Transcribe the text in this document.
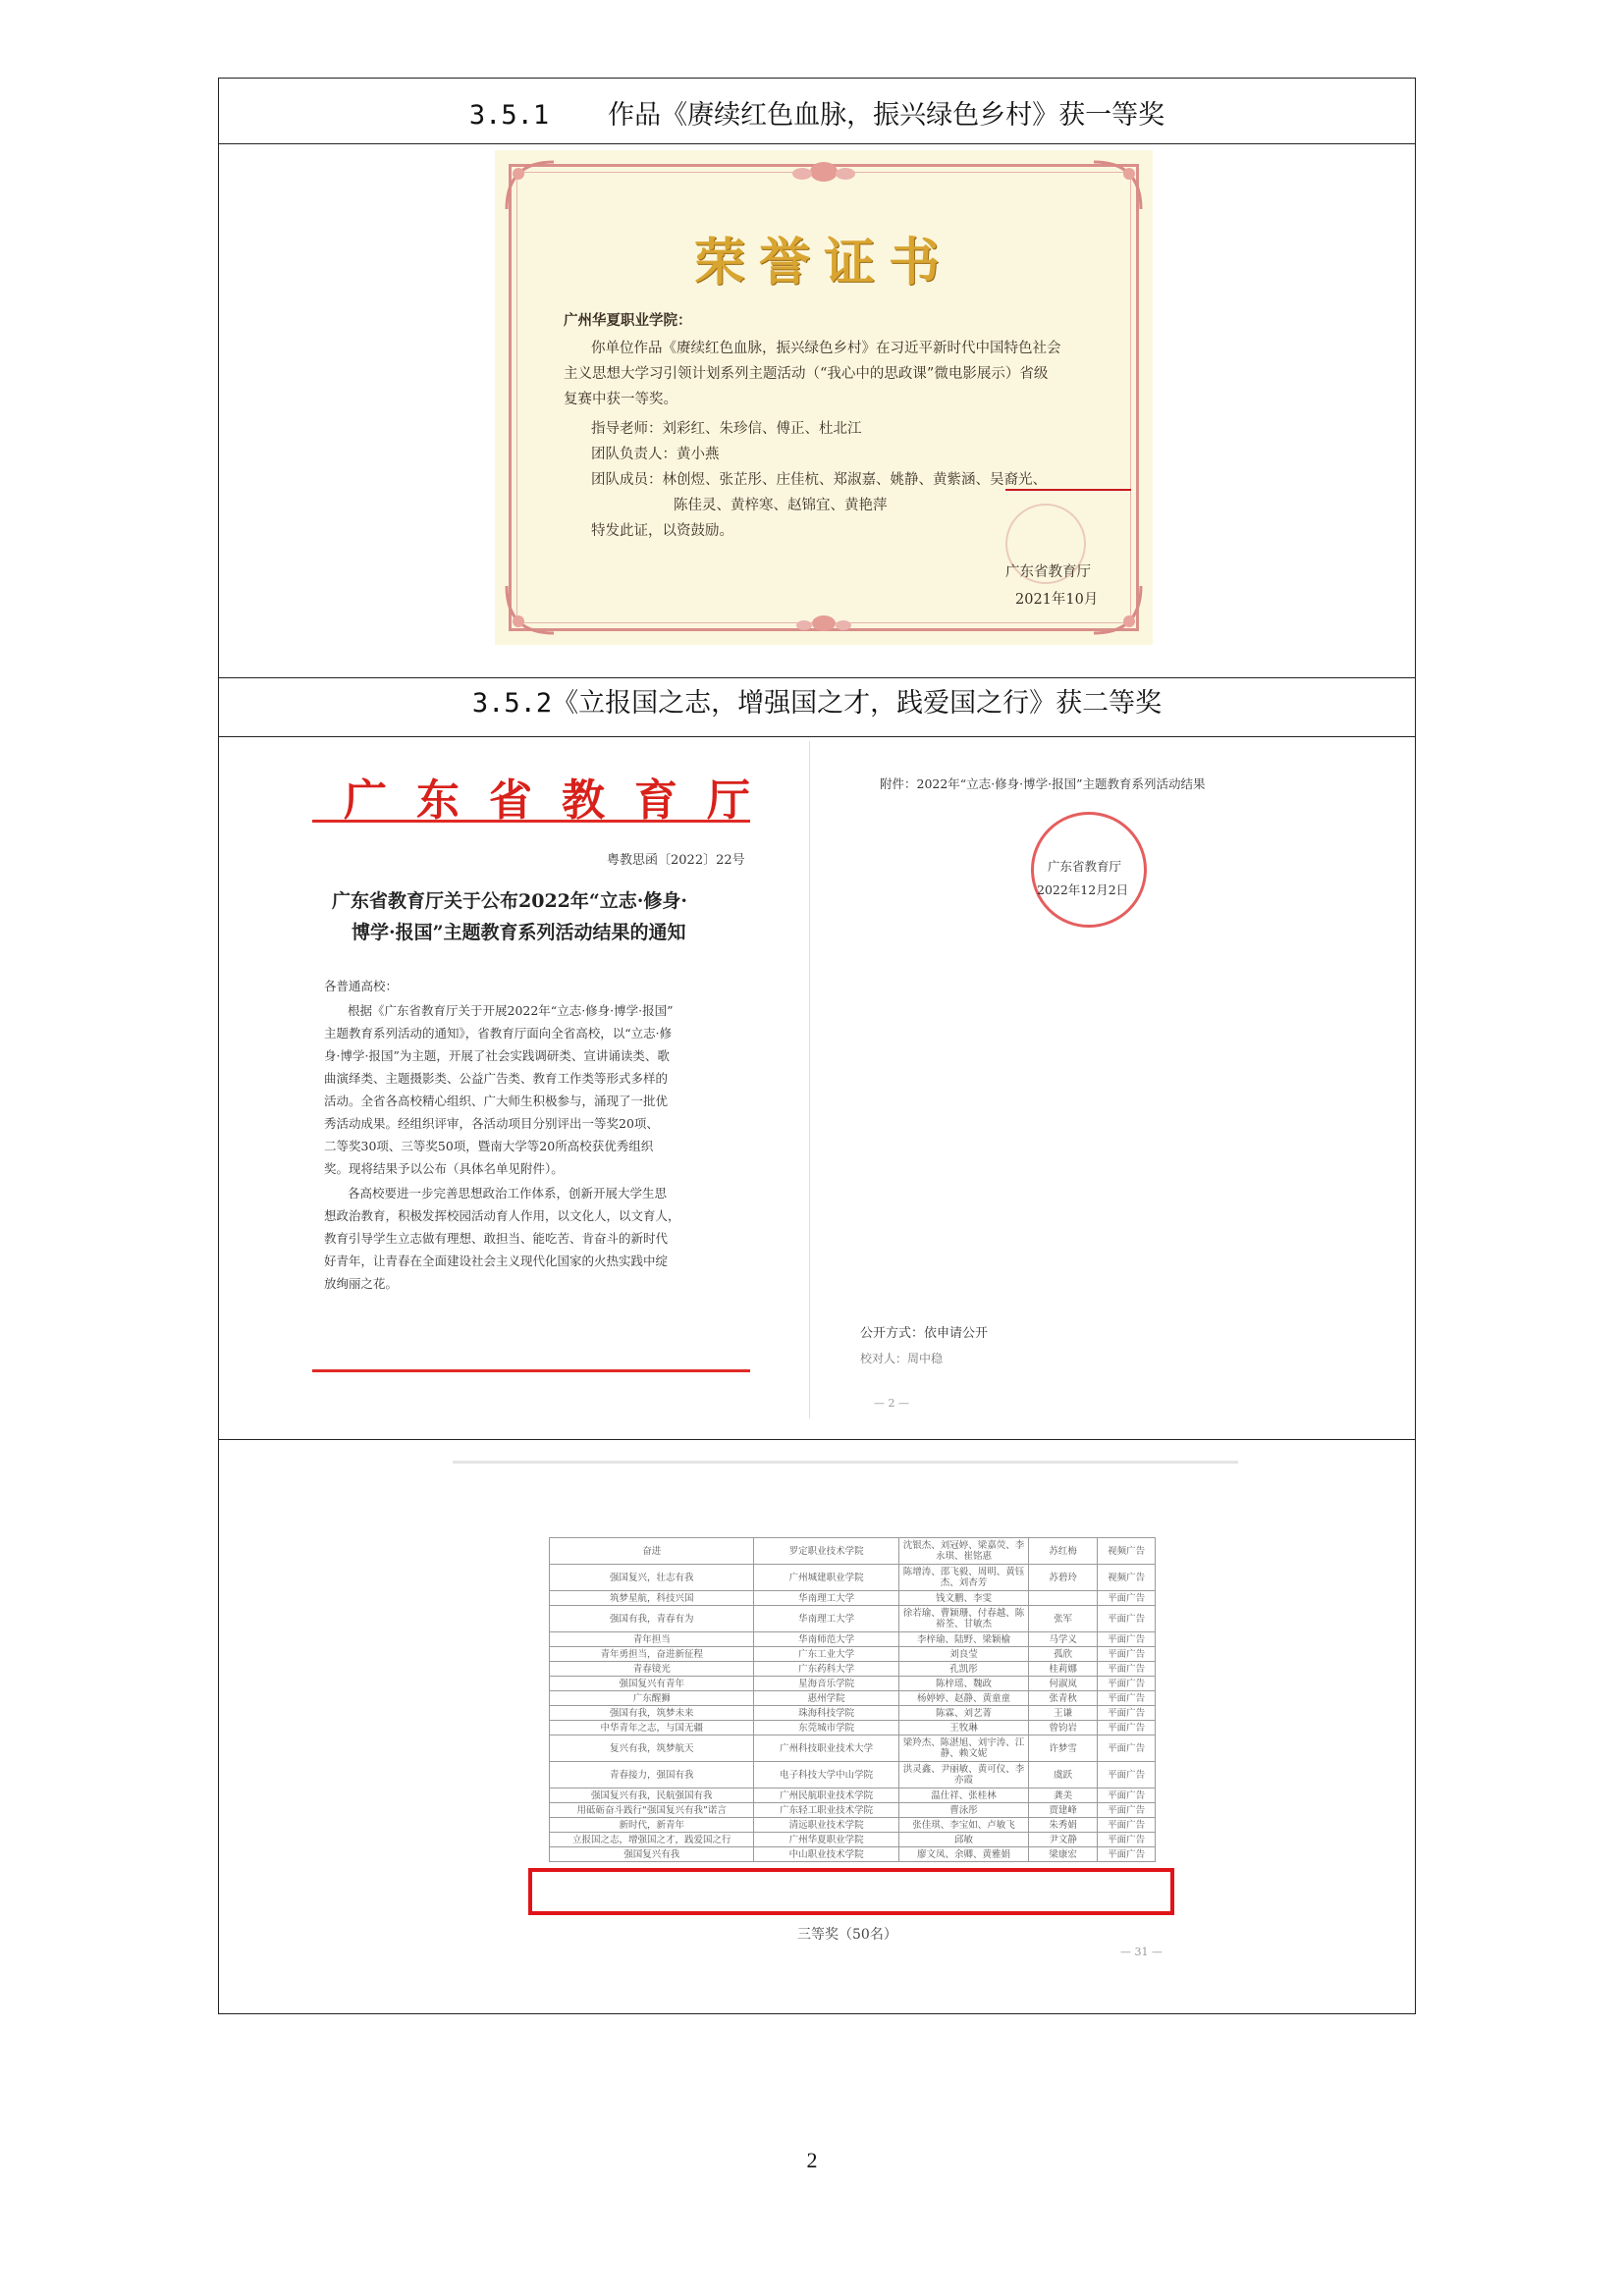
3.5.1 作品《赓续红色血脉，振兴绿色乡村》获一等奖
荣誉证书
广州华夏职业学院：
你单位作品《赓续红色血脉，振兴绿色乡村》在习近平新时代中国特色社会
主义思想大学习引领计划系列主题活动（“我心中的思政课”微电影展示）省级
复赛中获一等奖。
指导老师：刘彩红、朱珍信、傅正、杜北江
团队负责人：黄小燕
团队成员：林创煜、张芷彤、庄佳杭、郑淑嘉、姚静、黄紫涵、吴裔光、
陈佳灵、黄梓寒、赵锦宜、黄艳萍
特发此证，以资鼓励。
广东省教育厅
2021年10月
3.5.2《立报国之志，增强国之才，践爱国之行》获二等奖
广东省教育厅
粤教思函〔2022〕22号
广东省教育厅关于公布2022年“立志·修身·
博学·报国”主题教育系列活动结果的通知
各普通高校：
根据《广东省教育厅关于开展2022年“立志·修身·博学·报国”
主题教育系列活动的通知》，省教育厅面向全省高校，以“立志·修
身·博学·报国”为主题，开展了社会实践调研类、宣讲诵读类、歌
曲演绎类、主题摄影类、公益广告类、教育工作类等形式多样的
活动。全省各高校精心组织、广大师生积极参与，涌现了一批优
秀活动成果。经组织评审，各活动项目分别评出一等奖20项、
二等奖30项、三等奖50项，暨南大学等20所高校获优秀组织
奖。现将结果予以公布（具体名单见附件）。
各高校要进一步完善思想政治工作体系，创新开展大学生思
想政治教育，积极发挥校园活动育人作用，以文化人，以文育人，
教育引导学生立志做有理想、敢担当、能吃苦、肯奋斗的新时代
好青年，让青春在全面建设社会主义现代化国家的火热实践中绽
放绚丽之花。
附件：2022年“立志·修身·博学·报国”主题教育系列活动结果
广东省教育厅
2022年12月2日
公开方式：依申请公开
校对人：周中稳
— 2 —
奋进	罗定职业技术学院	沈银杰、刘冠婷、梁嘉荧、李永琪、崔铭惠	苏红梅	视频广告
强国复兴，壮志有我	广州城建职业学院	陈增涛、邵飞毅、周明、黄钰杰、刘杏芳	苏碧玲	视频广告
筑梦星航，科技兴国	华南理工大学	钱文鹏、李雯		平面广告
强国有我，青春有为	华南理工大学	徐若瑜、曹颖珊、付春越、陈裕荃、甘敏杰	张军	平面广告
青年担当	华南师范大学	李梓瑜、陆野、梁颖榆	马学义	平面广告
青年勇担当，奋进新征程	广东工业大学	刘良莹	孤欣	平面广告
青春镜光	广东药科大学	孔凯彤	桂莉娜	平面广告
强国复兴有青年	星海音乐学院	陈梓瑶、魏政	何淑岚	平面广告
广东醒狮	惠州学院	杨婷婷、赵静、黄童童	张青秋	平面广告
强国有我，筑梦未来	珠海科技学院	陈霖、刘艺菁	王谦	平面广告
中华青年之志，与国无疆	东莞城市学院	王牧琳	曾钧岩	平面广告
复兴有我，筑梦航天	广州科技职业技术大学	梁羚杰、陈湛旭、刘宇涛、江静、赖文妮	许梦雪	平面广告
青春接力，强国有我	电子科技大学中山学院	洪灵鑫、尹丽敏、黄可仪、李亦霞	虞跃	平面广告
强国复兴有我，民航强国有我	广州民航职业技术学院	温仕祥、张桂林	龚美	平面广告
用砥砺奋斗践行“强国复兴有我”诺言	广东轻工职业技术学院	曹泳彤	贾建峰	平面广告
新时代，新青年	清远职业技术学院	张佳琪、李宝如、卢敏飞	朱秀娟	平面广告
立报国之志，增强国之才，践爱国之行	广州华夏职业学院	邱敏	尹文静	平面广告
强国复兴有我	中山职业技术学院	廖文凤、余卿、黄雅娟	梁康宏	平面广告
三等奖（50名）
— 31 —
2
